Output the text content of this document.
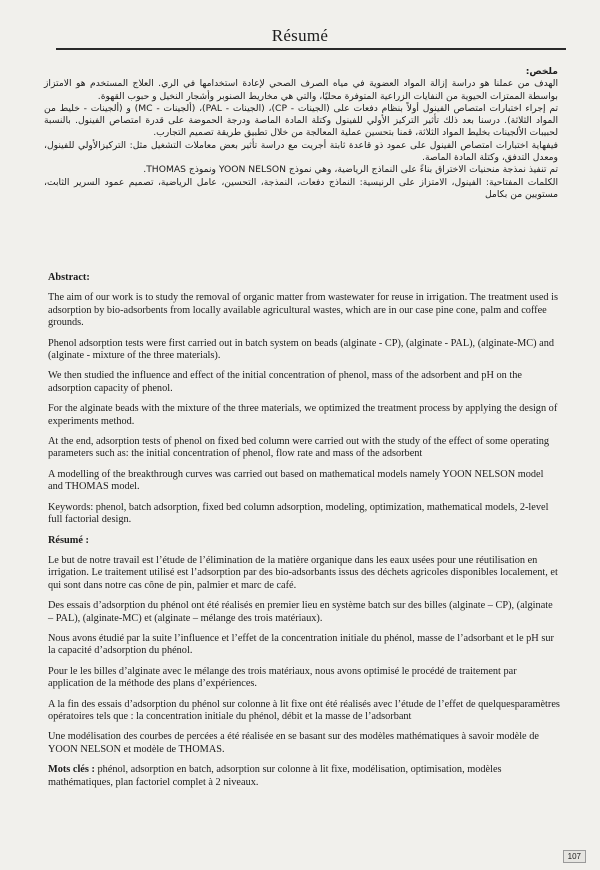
Résumé

ملخص:

الهدف من عملنا هو دراسة إزالة المواد العضوية في مياه الصرف الصحي لإعادة استخدامها في الري. العلاج المستخدم هو الامتزاز بواسطة الممتزات الحيوية من النفايات الزراعية المتوفرة محليًا، والتي هي مخاريط الصنوبر وأشجار النخيل و حبوب القهوة.

تم إجراء اختبارات امتصاص الفينول أولاً بنظام دفعات على (الجينات - CP)، (الجينات - PAL)، (ألجينات - MC) و (ألجينات - خليط من المواد الثلاثة). درسنا بعد ذلك تأثير التركيز الأولي للفينول وكتلة المادة الماصة ودرجة الحموضة على قدرة امتصاص الفينول. بالنسبة لحبيبات الألجينات بخليط المواد الثلاثة، قمنا بتحسين عملية المعالجة من خلال تطبيق طريقة تصميم التجارب.

فيفهاية اختبارات امتصاص الفينول على عمود ذو قاعدة ثابتة أجريت مع دراسة تأثير بعض معاملات التشغيل مثل: التركيزالأولي للفينول، ومعدل التدفق، وكتلة المادة الماصة.

تم تنفيذ نمذجة منحنيات الاختراق بناءً على النماذج الرياضية، وهي نموذج YOON NELSON ونموذج THOMAS.

الكلمات المفتاحية: الفينول، الامتزاز على الرنيسية: النماذج دفعات، النمذجة، التحسين، عامل الرياضية، تصميم عمود السرير الثابت، مستويين من بكامل

Abstract:

The aim of our work is to study the removal of organic matter from wastewater for reuse in irrigation. The treatment used is adsorption by bio-adsorbents from locally available agricultural wastes, which are in our case pine cone, palm and coffee grounds.

Phenol adsorption tests were first carried out in batch system on beads (alginate - CP), (alginate - PAL), (alginate-MC) and (alginate - mixture of the three materials).

We then studied the influence and effect of the initial concentration of phenol, mass of the adsorbent and pH on the adsorption capacity of phenol.

For the alginate beads with the mixture of the three materials, we optimized the treatment process by applying the design of experiments method.

At the end, adsorption tests of phenol on fixed bed column were carried out with the study of the effect of some operating parameters such as: the initial concentration of phenol, flow rate and mass of the adsorbent

A modelling of the breakthrough curves was carried out based on mathematical models namely YOON NELSON model and THOMAS model.

Keywords: phenol, batch adsorption, fixed bed column adsorption, modeling, optimization, mathematical models, 2-level full factorial design.

Résumé :

Le but de notre travail est l’étude de l’élimination de la matière organique dans les eaux usées pour une réutilisation en irrigation. Le traitement utilisé est l’adsorption par des bio-adsorbants issus des déchets agricoles disponibles localement, et qui sont dans notre cas cône de pin, palmier et marc de café.

Des essais d’adsorption du phénol ont été réalisés en premier lieu en système batch sur des billes (alginate – CP), (alginate – PAL), (alginate-MC) et (alginate – mélange des trois matériaux).

Nous avons étudié par la suite l’influence et l’effet de la concentration initiale du phénol, masse de l’adsorbant et le pH sur la capacité d’adsorption du phénol.

Pour le les billes d’alginate avec le mélange des trois matériaux, nous avons optimisé le procédé de traitement par application de la méthode des plans d’expériences.

A la fin des essais d’adsorption du phénol sur colonne à lit fixe ont été réalisés avec l’étude de l’effet de quelquesparamètres opératoires tels que : la concentration initiale du phénol, débit et la masse de l’adsorbant

Une modélisation des courbes de percées a été réalisée en se basant sur des modèles mathématiques à savoir modèle de YOON NELSON et modèle de THOMAS.

Mots clés : phénol, adsorption en batch, adsorption sur colonne à lit fixe, modélisation, optimisation, modèles mathématiques, plan factoriel complet à 2 niveaux.

107
